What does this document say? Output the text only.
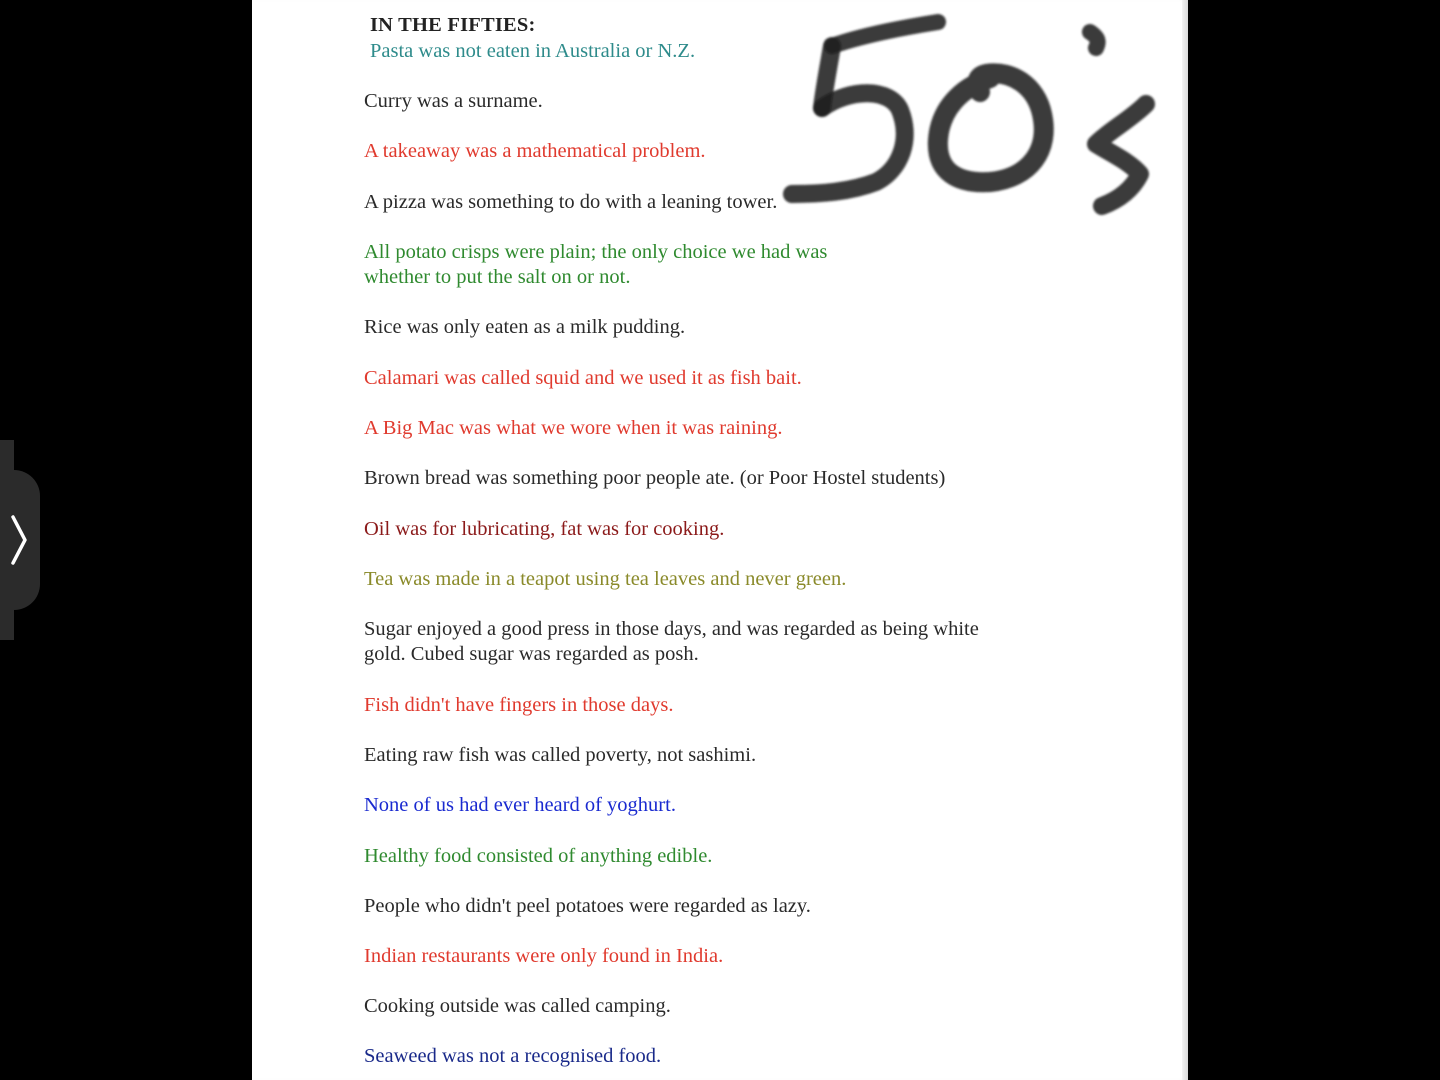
IN THE FIFTIES:

Pasta was not eaten in Australia or N.Z.

Curry was a surname.

A takeaway was a mathematical problem.

A pizza was something to do with a leaning tower.

All potato crisps were plain; the only choice we had was

whether to put the salt on or not.

Rice was only eaten as a milk pudding.

Calamari was called squid and we used it as fish bait.

A Big Mac was what we wore when it was raining.

Brown bread was something poor people ate. (or Poor Hostel students)

Oil was for lubricating, fat was for cooking.

Tea was made in a teapot using tea leaves and never green.

Sugar enjoyed a good press in those days, and was regarded as being white

gold. Cubed sugar was regarded as posh.

Fish didn't have fingers in those days.

Eating raw fish was called poverty, not sashimi.

None of us had ever heard of yoghurt.

Healthy food consisted of anything edible.

People who didn't peel potatoes were regarded as lazy.

Indian restaurants were only found in India.

Cooking outside was called camping.

Seaweed was not a recognised food.
